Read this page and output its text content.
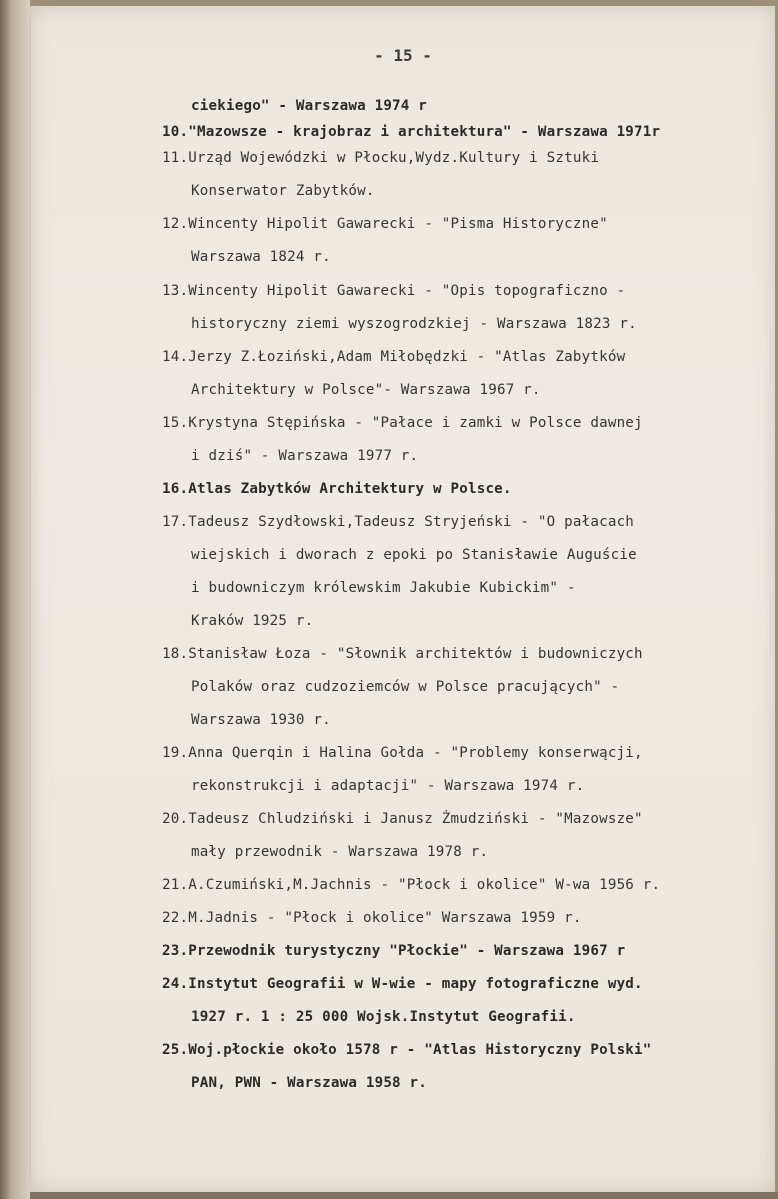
- 15 -
ciekiego" - Warszawa 1974 r
10."Mazowsze - krajobraz i architektura" - Warszawa 1971r
11.Urząd Wojewódzki w Płocku,Wydz.Kultury i Sztuki
Konserwator Zabytków.
12.Wincenty Hipolit Gawarecki - "Pisma Historyczne"
Warszawa 1824 r.
13.Wincenty Hipolit Gawarecki - "Opis topograficzno -
historyczny ziemi wyszogrodzkiej - Warszawa 1823 r.
14.Jerzy Z.Łoziński,Adam Miłobędzki - "Atlas Zabytków
Architektury w Polsce"- Warszawa 1967 r.
15.Krystyna Stępińska - "Pałace i zamki w Polsce dawnej
i dziś" - Warszawa 1977 r.
16.Atlas Zabytków Architektury w Polsce.
17.Tadeusz Szydłowski,Tadeusz Stryjeński - "O pałacach
wiejskich i dworach z epoki po Stanisławie Auguście
i budowniczym królewskim Jakubie Kubickim" -
Kraków 1925 r.
18.Stanisław Łoza - "Słownik architektów i budowniczych
Polaków oraz cudzoziemców w Polsce pracujących" -
Warszawa 1930 r.
19.Anna Querqin i Halina Gołda - "Problemy konserwącji,
rekonstrukcji i adaptacji" - Warszawa 1974 r.
20.Tadeusz Chludziński i Janusz Żmudziński - "Mazowsze"
mały przewodnik - Warszawa 1978 r.
21.A.Czumiński,M.Jachnis - "Płock i okolice" W-wa 1956 r.
22.M.Jadnis - "Płock i okolice" Warszawa 1959 r.
23.Przewodnik turystyczny "Płockie" - Warszawa 1967 r
24.Instytut Geografii w W-wie - mapy fotograficzne wyd.
1927 r. 1 : 25 000 Wojsk.Instytut Geografii.
25.Woj.płockie około 1578 r - "Atlas Historyczny Polski"
PAN, PWN - Warszawa 1958 r.
